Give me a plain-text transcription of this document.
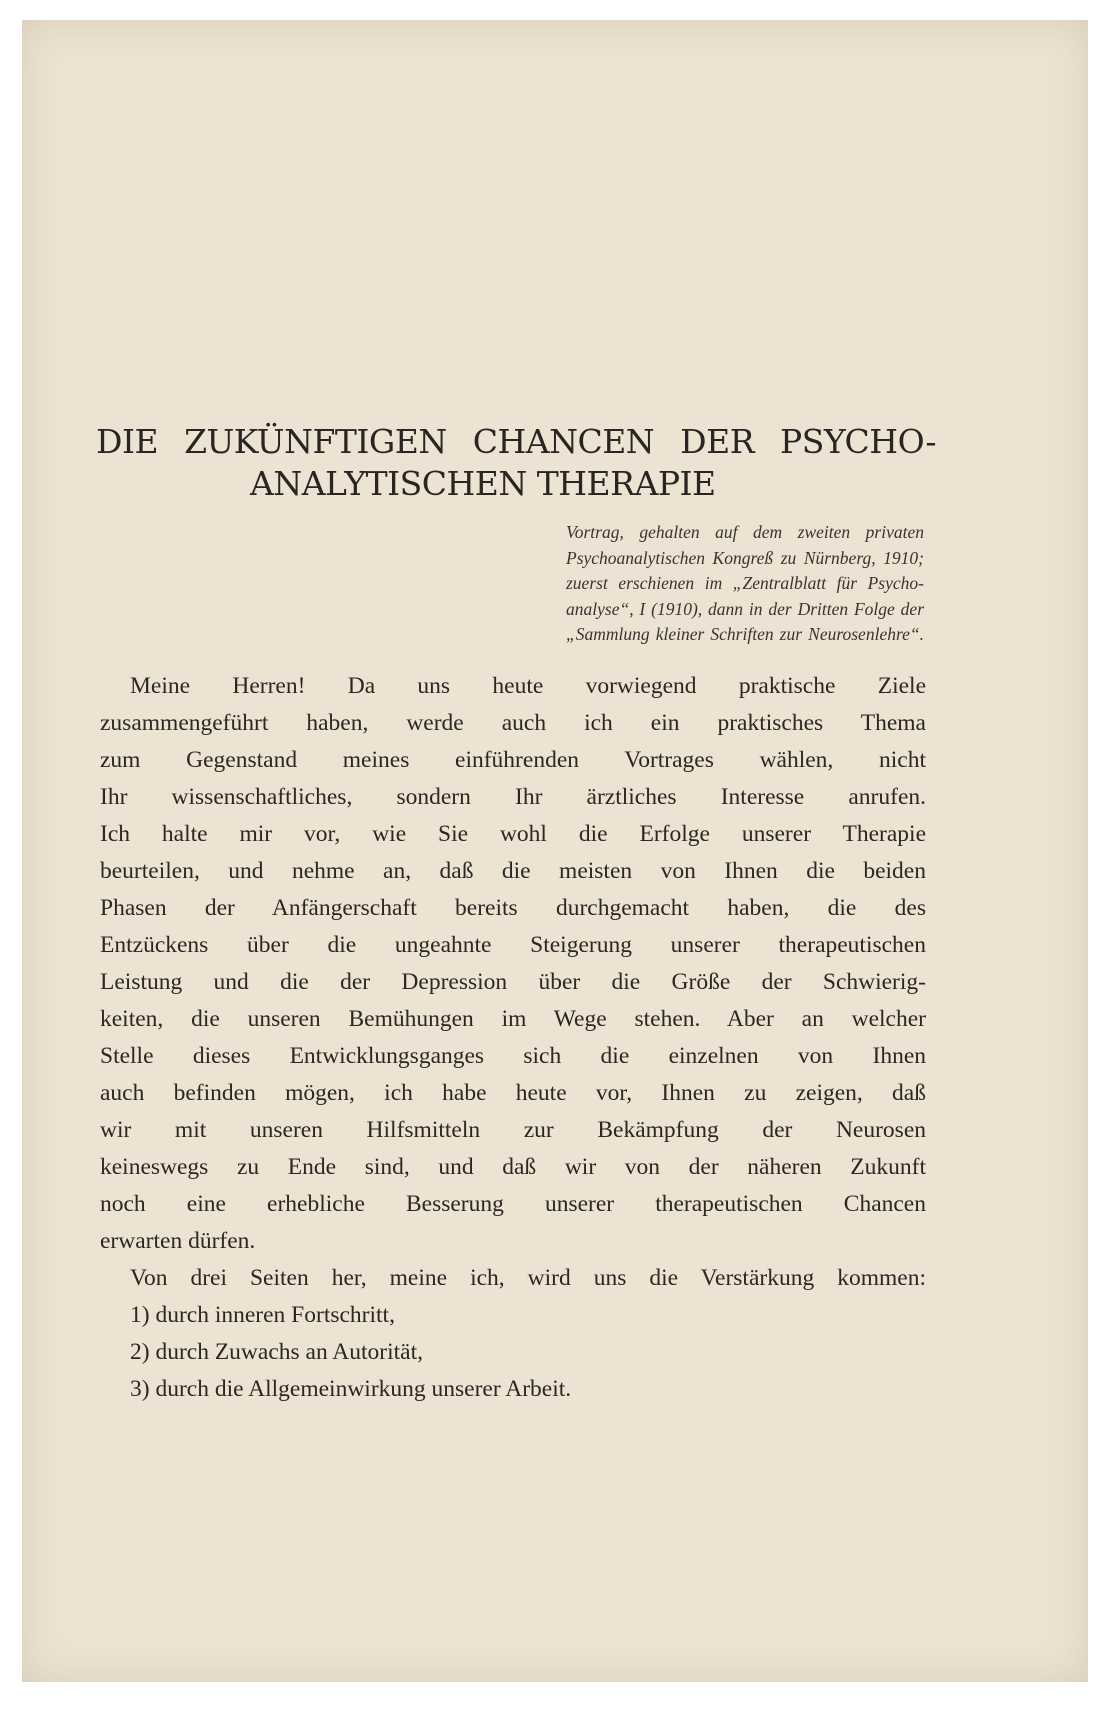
DIE ZUKÜNFTIGEN CHANCEN DER PSYCHO-
ANALYTISCHEN THERAPIE
Vortrag, gehalten auf dem zweiten privaten
Psychoanalytischen Kongreß zu Nürnberg, 1910;
zuerst erschienen im „Zentralblatt für Psycho-
analyse“, I (1910), dann in der Dritten Folge der
„Sammlung kleiner Schriften zur Neurosenlehre“.
Meine Herren! Da uns heute vorwiegend praktische Ziele
zusammengeführt haben, werde auch ich ein praktisches Thema
zum Gegenstand meines einführenden Vortrages wählen, nicht
Ihr wissenschaftliches, sondern Ihr ärztliches Interesse anrufen.
Ich halte mir vor, wie Sie wohl die Erfolge unserer Therapie
beurteilen, und nehme an, daß die meisten von Ihnen die beiden
Phasen der Anfängerschaft bereits durchgemacht haben, die des
Entzückens über die ungeahnte Steigerung unserer therapeutischen
Leistung und die der Depression über die Größe der Schwierig-
keiten, die unseren Bemühungen im Wege stehen. Aber an welcher
Stelle dieses Entwicklungsganges sich die einzelnen von Ihnen
auch befinden mögen, ich habe heute vor, Ihnen zu zeigen, daß
wir mit unseren Hilfsmitteln zur Bekämpfung der Neurosen
keineswegs zu Ende sind, und daß wir von der näheren Zukunft
noch eine erhebliche Besserung unserer therapeutischen Chancen
erwarten dürfen.
Von drei Seiten her, meine ich, wird uns die Verstärkung kommen:
1) durch inneren Fortschritt,
2) durch Zuwachs an Autorität,
3) durch die Allgemeinwirkung unserer Arbeit.
